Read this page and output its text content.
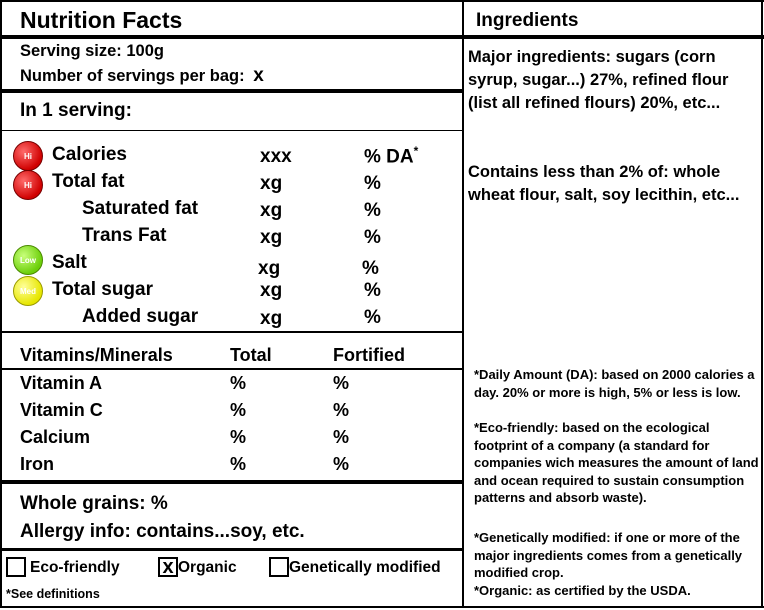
Nutrition Facts
Serving size: 100g
Number of servings per bag: x
In 1 serving:
Hi	Calories	xxx	% DA*
Hi	Total fat	xg	%
Saturated fat	xg	%
Trans Fat	xg	%
Low Salt	xg	%
Med Total sugar	xg	%
Added sugar	xg	%
Vitamins/Minerals	Total	Fortified
Vitamin A	%	%
Vitamin C	%	%
Calcium	%	%
Iron	%	%
Whole grains: %
Allergy info: contains...soy, etc.
Eco-friendly x Organic	Genetically modified
*See definitions
Ingredients
Major ingredients: sugars (corn syrup, sugar...) 27%, refined flour (list all refined flours) 20%, etc...
Contains less than 2% of: whole wheat flour, salt, soy lecithin, etc...
*Daily Amount (DA): based on 2000 calories a day. 20% or more is high, 5% or less is low.
*Eco-friendly: based on the ecological footprint of a company (a standard for companies wich measures the amount of land and ocean required to sustain consumption patterns and absorb waste).
*Genetically modified: if one or more of the major ingredients comes from a genetically modified crop.
*Organic: as certified by the USDA.
